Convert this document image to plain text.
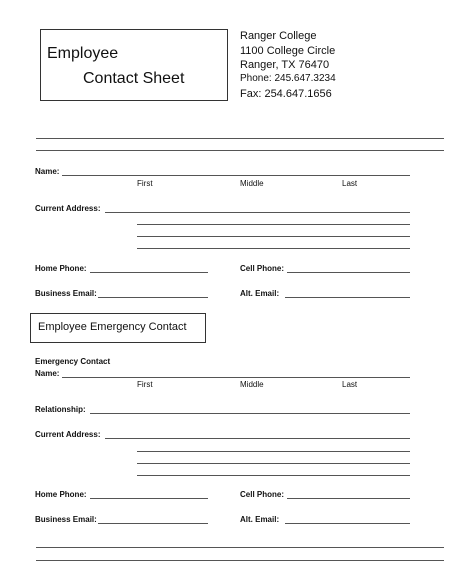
Employee
Contact Sheet
Ranger College
1100 College Circle
Ranger, TX 76470
Phone: 245.647.3234
Fax: 254.647.1656
Name:
First	Middle	Last
Current Address:
Home Phone:	Cell Phone:
Business Email:	Alt. Email:
Employee Emergency Contact
Emergency Contact
Name:
First	Middle	Last
Relationship:
Current Address:
Home Phone:	Cell Phone:
Business Email:	Alt. Email:
